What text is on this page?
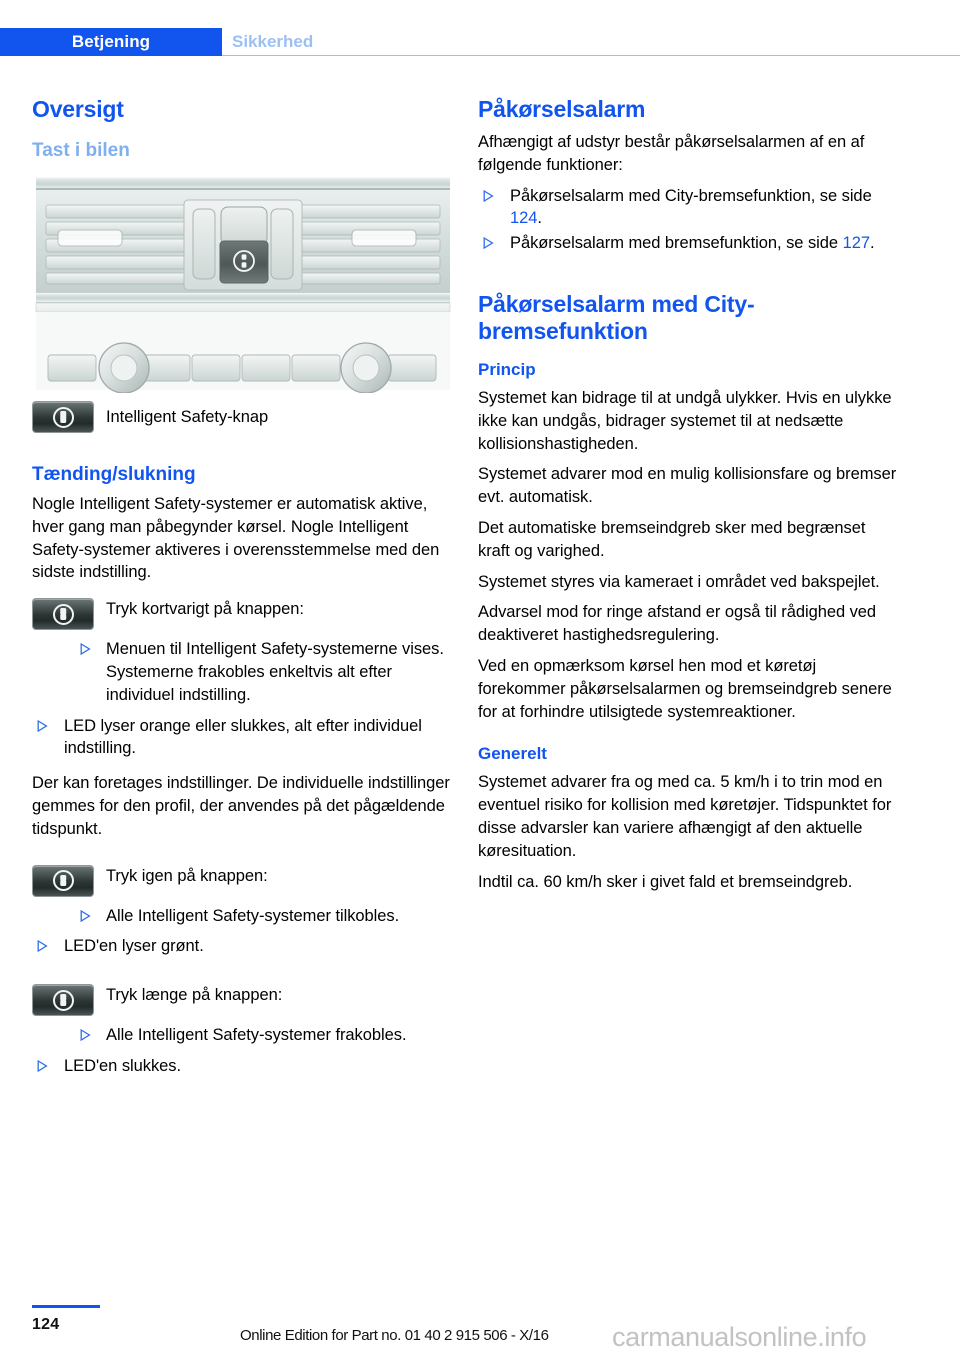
Betjening	Sikkerhed
Oversigt
Tast i bilen
Intelligent Safety-knap
Tænding/slukning

Nogle Intelligent Safety-systemer er automatisk aktive, hver gang man påbegynder kørsel. Nogle Intelligent Safety-systemer aktiveres i overensstemmelse med den sidste indstilling.

Tryk kortvarigt på knappen:
Menuen til Intelligent Safety-systemerne vises. Systemerne frakobles enkeltvis alt efter individuel indstilling.
LED lyser orange eller slukkes, alt efter individuel indstilling.

Der kan foretages indstillinger. De individuelle indstillinger gemmes for den profil, der anvendes på det pågældende tidspunkt.

Tryk igen på knappen:
Alle Intelligent Safety-systemer tilkobles.
LED'en lyser grønt.
Tryk længe på knappen:
Alle Intelligent Safety-systemer frakobles.
LED'en slukkes.
Påkørselsalarm

Afhængigt af udstyr består påkørselsalarmen af en af følgende funktioner:

Påkørselsalarm med City-bremsefunktion, se side 124.
Påkørselsalarm med bremsefunktion, se side 127.
Påkørselsalarm med City-bremsefunktion
Princip

Systemet kan bidrage til at undgå ulykker. Hvis en ulykke ikke kan undgås, bidrager systemet til at nedsætte kollisionshastigheden.

Systemet advarer mod en mulig kollisionsfare og bremser evt. automatisk.

Det automatiske bremseindgreb sker med begrænset kraft og varighed.

Systemet styres via kameraet i området ved bakspejlet.

Advarsel mod for ringe afstand er også til rådighed ved deaktiveret hastighedsregulering.

Ved en opmærksom kørsel hen mod et køretøj forekommer påkørselsalarmen og bremseindgreb senere for at forhindre utilsigtede systemreaktioner.

Generelt

Systemet advarer fra og med ca. 5 km/h i to trin mod en eventuel risiko for kollision med køretøjer. Tidspunktet for disse advarsler kan variere afhængigt af den aktuelle køresituation.

Indtil ca. 60 km/h sker i givet fald et bremseindgreb.

124
Online Edition for Part no. 01 40 2 915 506 - X/16 carmanualsonline.info
